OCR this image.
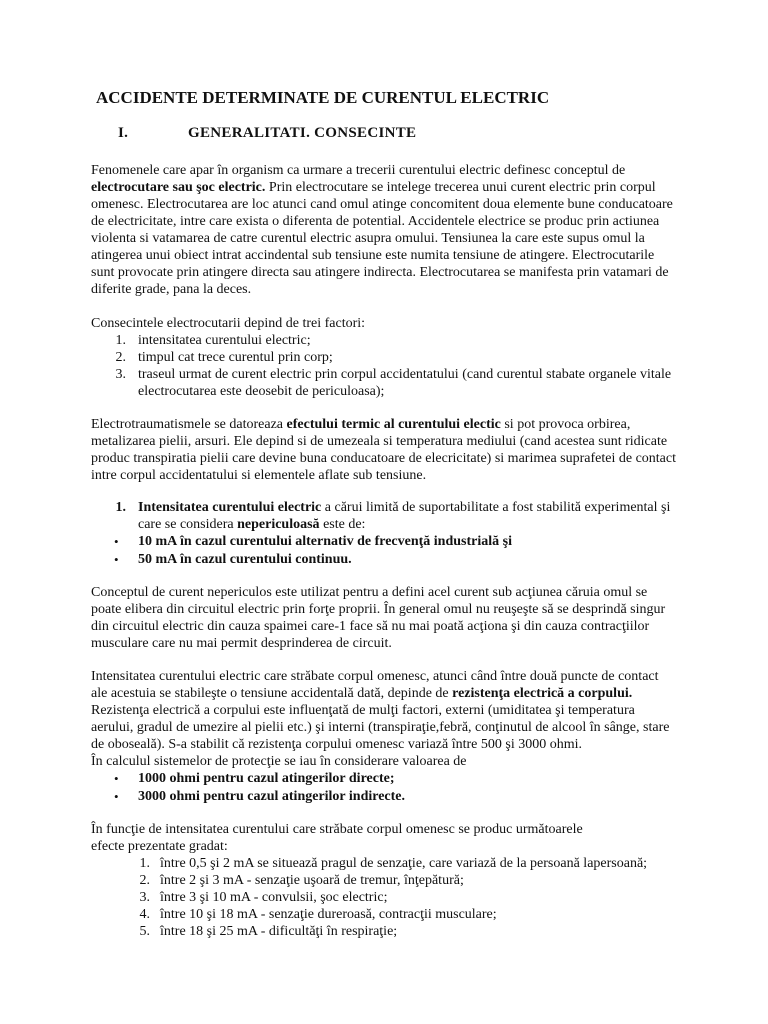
ACCIDENTE DETERMINATE DE CURENTUL ELECTRIC
I.	GENERALITATI. CONSECINTE
Fenomenele care apar în organism ca urmare a trecerii curentului electric definesc conceptul de
electrocutare sau şoc electric. Prin electrocutare se intelege trecerea unui curent electric prin corpul
omenesc. Electrocutarea are loc atunci cand omul atinge concomitent doua elemente bune conducatoare
de electricitate, intre care exista o diferenta de potential. Accidentele electrice se produc prin actiunea
violenta si vatamarea de catre curentul electric asupra omului. Tensiunea la care este supus omul la
atingerea unui obiect intrat accindental sub tensiune este numita tensiune de atingere. Electrocutarile
sunt provocate prin atingere directa sau atingere indirecta. Electrocutarea se manifesta prin vatamari de
diferite grade, pana la deces.
Consecintele electrocutarii depind de trei factori:
1. intensitatea curentului electric;
2. timpul cat trece curentul prin corp;
3. traseul urmat de curent electric prin corpul accidentatului (cand curentul stabate organele vitale
electrocutarea este deosebit de periculoasa);
Electrotraumatismele se datoreaza efectului termic al curentului electic si pot provoca orbirea,
metalizarea pielii, arsuri. Ele depind si de umezeala si temperatura mediului (cand acestea sunt ridicate
produc transpiratia pielii care devine buna conducatoare de elecricitate) si marimea suprafetei de contact
intre corpul accidentatului si elementele aflate sub tensiune.
1. Intensitatea curentului electric a cărui limită de suportabilitate a fost stabilită experimental şi
care se considera nepericuloasă este de:
• 10 mA în cazul curentului alternativ de frecvenţă industrială şi
• 50 mA în cazul curentului continuu.
Conceptul de curent nepericulos este utilizat pentru a defini acel curent sub acţiunea căruia omul se
poate elibera din circuitul electric prin forţe proprii. În general omul nu reuşeşte să se desprindă singur
din circuitul electric din cauza spaimei care-1 face să nu mai poată acţiona şi din cauza contracţiilor
musculare care nu mai permit desprinderea de circuit.
Intensitatea curentului electric care străbate corpul omenesc, atunci când între două puncte de contact
ale acestuia se stabileşte o tensiune accidentală dată, depinde de rezistenţa electrică a corpului.
Rezistenţa electrică a corpului este influenţată de mulţi factori, externi (umiditatea şi temperatura
aerului, gradul de umezire al pielii etc.) şi interni (transpiraţie,febră, conţinutul de alcool în sânge, stare
de oboseală). S-a stabilit că rezistenţa corpului omenesc variază între 500 şi 3000 ohmi.
În calculul sistemelor de protecţie se iau în considerare valoarea de
• 1000 ohmi pentru cazul atingerilor directe;
• 3000 ohmi pentru cazul atingerilor indirecte.
În funcţie de intensitatea curentului care străbate corpul omenesc se produc următoarele
efecte prezentate gradat:
1. între 0,5 şi 2 mA se situează pragul de senzaţie, care variază de la persoană lapersoană;
2. între 2 şi 3 mA - senzaţie uşoară de tremur, înţepătură;
3. între 3 şi 10 mA - convulsii, şoc electric;
4. între 10 şi 18 mA - senzaţie dureroasă, contracţii musculare;
5. între 18 şi 25 mA - dificultăţi în respiraţie;
